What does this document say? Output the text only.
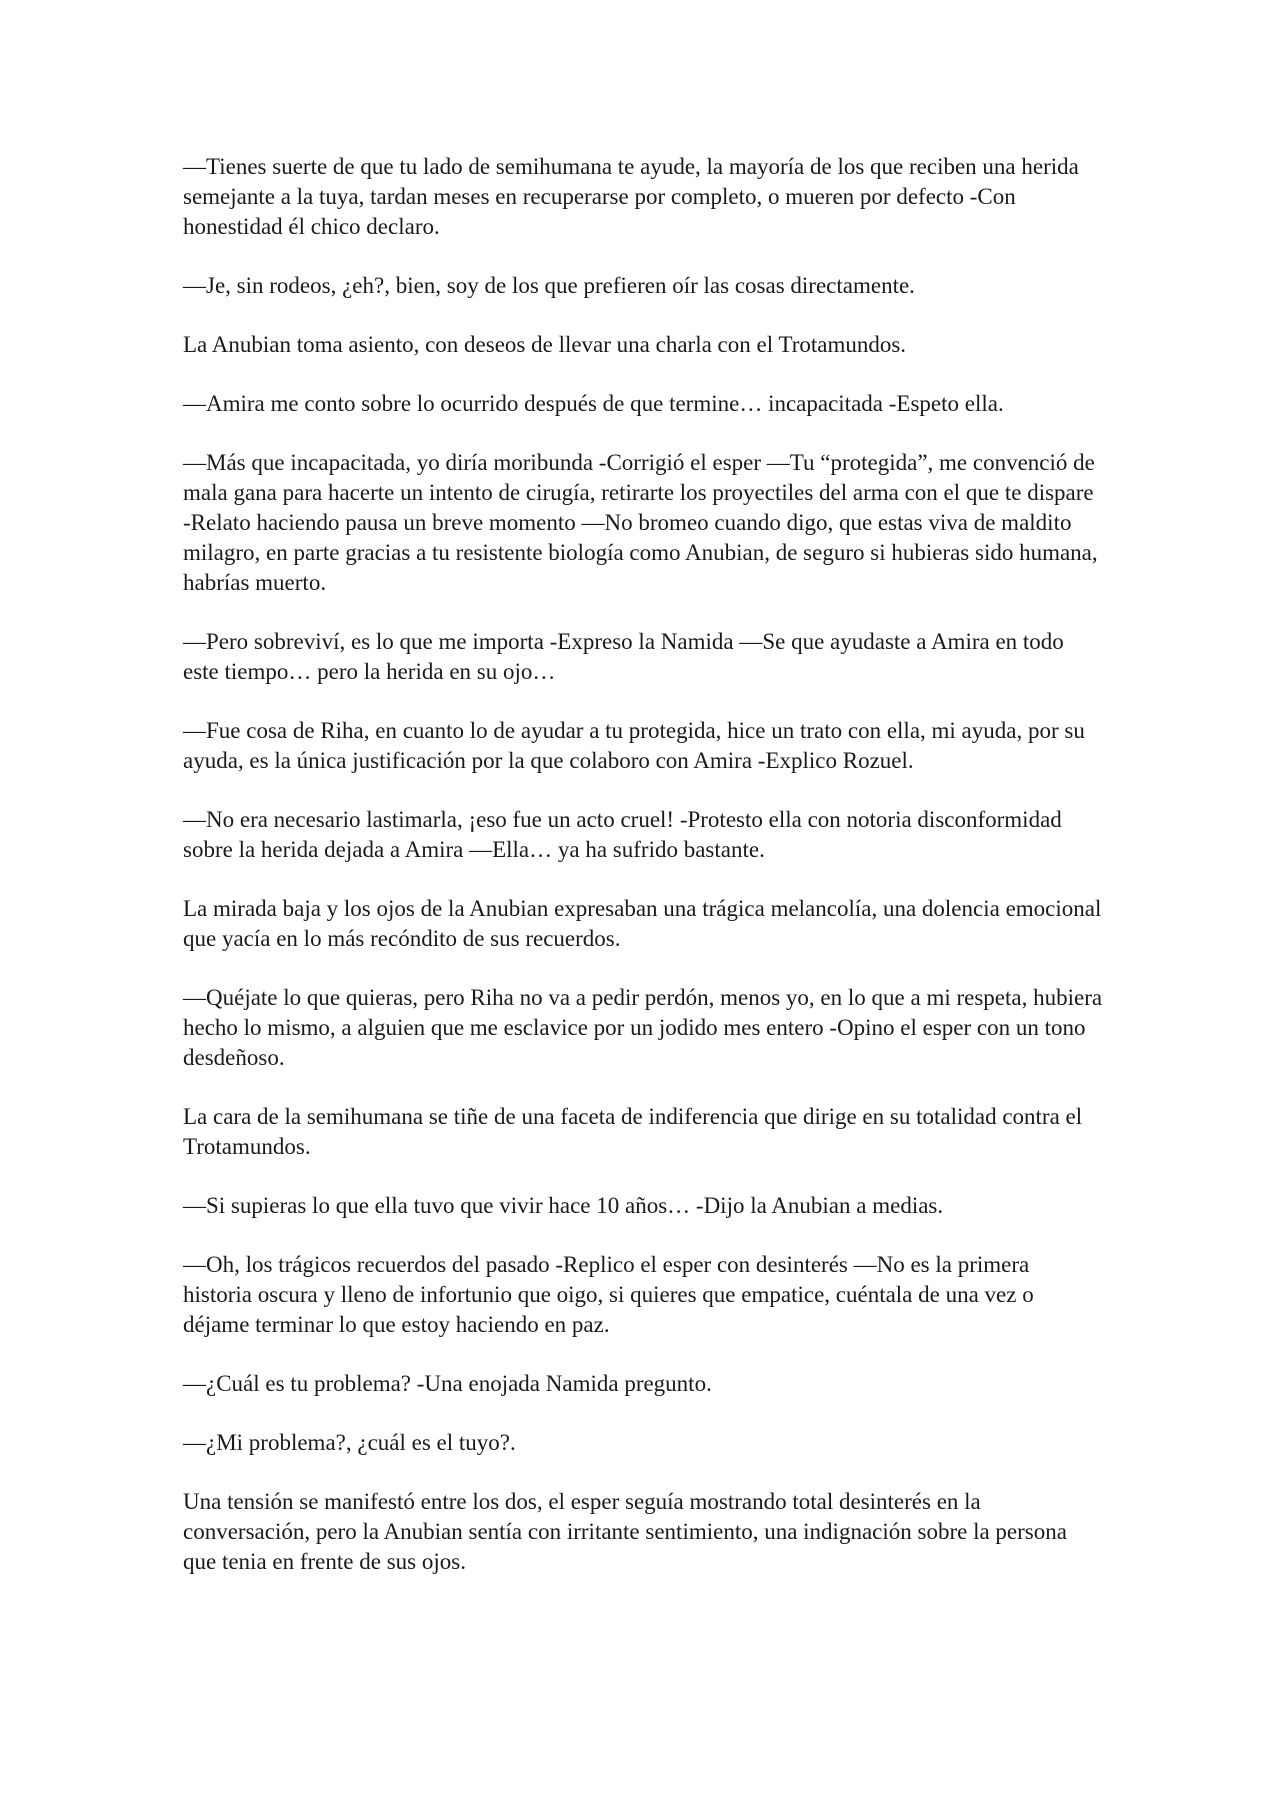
—Tienes suerte de que tu lado de semihumana te ayude, la mayoría de los que reciben una herida semejante a la tuya, tardan meses en recuperarse por completo, o mueren por defecto -Con honestidad él chico declaro.

—Je, sin rodeos, ¿eh?, bien, soy de los que prefieren oír las cosas directamente.

La Anubian toma asiento, con deseos de llevar una charla con el Trotamundos.

—Amira me conto sobre lo ocurrido después de que termine… incapacitada -Espeto ella.

—Más que incapacitada, yo diría moribunda -Corrigió el esper —Tu “protegida”, me convenció de mala gana para hacerte un intento de cirugía, retirarte los proyectiles del arma con el que te dispare -Relato haciendo pausa un breve momento —No bromeo cuando digo, que estas viva de maldito milagro, en parte gracias a tu resistente biología como Anubian, de seguro si hubieras sido humana, habrías muerto.

—Pero sobreviví, es lo que me importa -Expreso la Namida —Se que ayudaste a Amira en todo este tiempo… pero la herida en su ojo…

—Fue cosa de Riha, en cuanto lo de ayudar a tu protegida, hice un trato con ella, mi ayuda, por su ayuda, es la única justificación por la que colaboro con Amira -Explico Rozuel.

—No era necesario lastimarla, ¡eso fue un acto cruel! -Protesto ella con notoria disconformidad sobre la herida dejada a Amira —Ella… ya ha sufrido bastante.

La mirada baja y los ojos de la Anubian expresaban una trágica melancolía, una dolencia emocional que yacía en lo más recóndito de sus recuerdos.

—Quéjate lo que quieras, pero Riha no va a pedir perdón, menos yo, en lo que a mi respeta, hubiera hecho lo mismo, a alguien que me esclavice por un jodido mes entero -Opino el esper con un tono desdeñoso.

La cara de la semihumana se tiñe de una faceta de indiferencia que dirige en su totalidad contra el Trotamundos.

—Si supieras lo que ella tuvo que vivir hace 10 años… -Dijo la Anubian a medias.

—Oh, los trágicos recuerdos del pasado -Replico el esper con desinterés —No es la primera historia oscura y lleno de infortunio que oigo, si quieres que empatice, cuéntala de una vez o déjame terminar lo que estoy haciendo en paz.

—¿Cuál es tu problema? -Una enojada Namida pregunto.

—¿Mi problema?, ¿cuál es el tuyo?.

Una tensión se manifestó entre los dos, el esper seguía mostrando total desinterés en la conversación, pero la Anubian sentía con irritante sentimiento, una indignación sobre la persona que tenia en frente de sus ojos.
